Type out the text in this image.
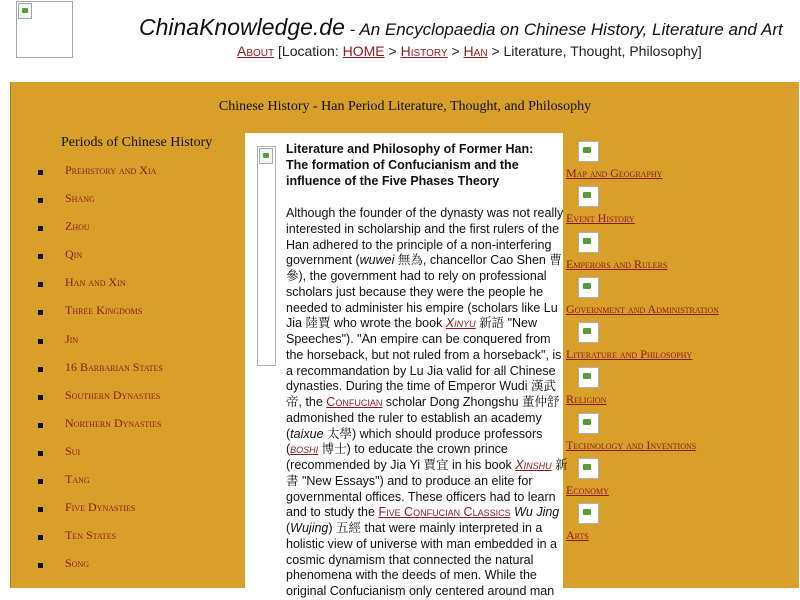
ChinaKnowledge.de - An Encyclopaedia on Chinese History, Literature and Art
About [Location: HOME > History > Han > Literature, Thought, Philosophy]
Chinese History - Han Period Literature, Thought, and Philosophy
Periods of Chinese History
Prehistory and Xia
Shang
Zhou
Qin
Han and Xin
Three Kingdoms
Jin
16 Barbarian States
Southern Dynasties
Northern Dynasties
Sui
Tang
Five Dynasties
Ten States
Song
Literature and Philosophy of Former Han: The formation of Confucianism and the influence of the Five Phases Theory
Although the founder of the dynasty was not really interested in scholarship and the first rulers of the Han adhered to the principle of a non-interfering government (wuwei 無為, chancellor Cao Shen 曹參), the government had to rely on professional scholars just because they were the people he needed to administer his empire (scholars like Lu Jia 陸賈 who wrote the book Xinyu 新語 "New Speeches"). "An empire can be conquered from the horseback, but not ruled from a horseback", is a recommandation by Lu Jia valid for all Chinese dynasties. During the time of Emperor Wudi 漢武帝, the Confucian scholar Dong Zhongshu 董仲舒 admonished the ruler to establish an academy (taixue 太學) which should produce professors (boshi 博士) to educate the crown prince (recommended by Jia Yi 賈宜 in his book Xinshu 新書 "New Essays") and to produce an elite for governmental offices. These officers had to learn and to study the Five Confucian Classics Wu Jing (Wujing) 五經 that were mainly interpreted in a holistic view of universe with man embedded in a cosmic dynamism that connected the natural phenomena with the deeds of men. While the original Confucianism only centered around man
Map and Geography
Event History
Emperors and Rulers
Government and Administration
Literature and Philosophy
Religion
Technology and Inventions
Economy
Arts
